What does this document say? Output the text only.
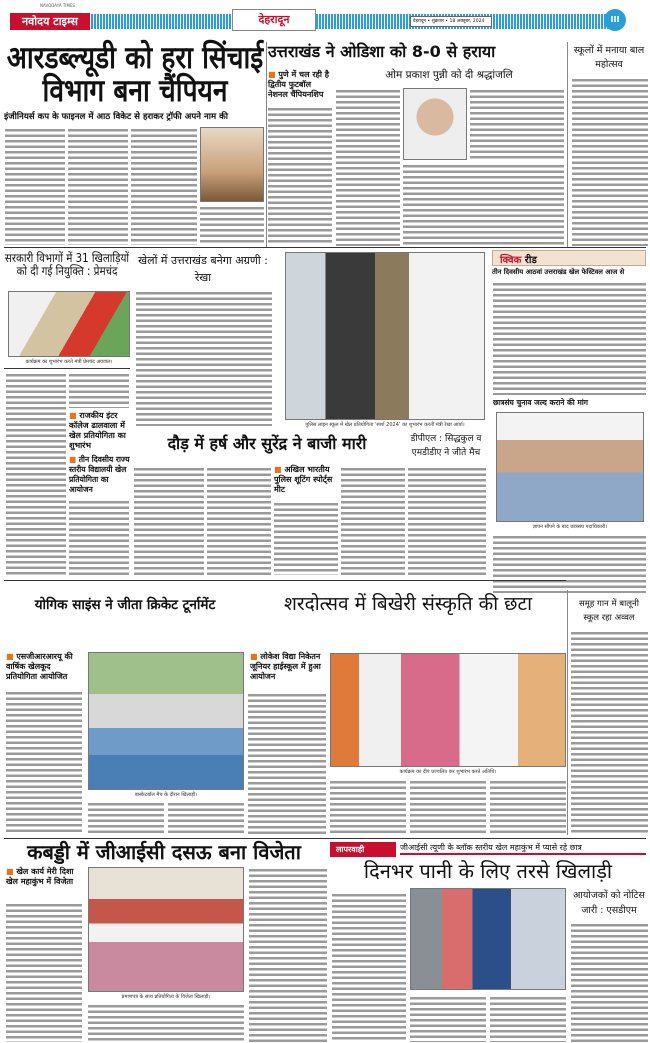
NAVODAYA TIMES
नवोदय टाइम्स	देहरादून	देहरादून • शुक्रवार • 18 अक्तूबर, 2024	III
आरडब्ल्यूडी को हरा सिंचाई विभाग बना चैंपियन
इंजीनियर्स कप के फाइनल में आठ विकेट से हराकर ट्रॉफी अपने नाम की
उत्तराखंड ने ओडिशा को 8-0 से हराया
■ पुणे में चल रही है द्वितीय फुटबॉल नेशनल चैंपियनशिप
ओम प्रकाश पुन्नी को दी श्रद्धांजलि
स्कूलों में मनाया बाल महोत्सव
सरकारी विभागों में 31 खिलाड़ियों को दी गई नियुक्ति : प्रेमचंद
कार्यक्रम का शुभारंभ करते मंत्री प्रेमचंद अग्रवाल।
■ राजकीय इंटर कॉलेज ढालवाला में खेल प्रतियोगिता का शुभारंभ
■ तीन दिवसीय राज्य स्तरीय विद्यालयी खेल प्रतियोगिता का आयोजन
खेलों में उत्तराखंड बनेगा अग्रणी : रेखा
पुलिस लाइन स्कूल में खेल प्रतियोगिता ‘स्पर्श 2024’ का शुभारंभ करतीं मंत्री रेखा आर्या।
क्विक रीड
तीन दिवसीय आठवां उत्तराखंड खेल फेस्टिवल आज से
छात्रसंघ चुनाव जल्द कराने की मांग
ज्ञापन सौंपने के बाद छात्रसंघ पदाधिकारी।
दौड़ में हर्ष और सुरेंद्र ने बाजी मारी	डीपीएल : सिद्धकुल व एमडीडीए ने जीते मैच
■ अखिल भारतीय पुलिस शूटिंग स्पोर्ट्स मीट
योगिक साइंस ने जीता क्रिकेट टूर्नामेंट	शरदोत्सव में बिखेरी संस्कृति की छटा	समूह गान में बालूनी स्कूल रहा अव्वल
■ एसजीआरआरयू की वार्षिक खेलकूद प्रतियोगिता आयोजित
बास्केटबॉल मैच के दौरान खिलाड़ी।
■ लोकेश विद्या निकेतन जूनियर हाईस्कूल में हुआ आयोजन
कार्यक्रम का दीप प्रज्वलित कर शुभारंभ करते अतिथि।
कबड्डी में जीआईसी दसऊ बना विजेता
■ खेल कार्य मेरी दिशा खेल महाकुंभ में विजेता
प्रमाणपत्र के साथ प्रतियोगिता के विजेता खिलाड़ी।
लापरवाही	जीआईसी त्यूणी के ब्लॉक स्तरीय खेल महाकुंभ में प्यासे रहे छात्र
दिनभर पानी के लिए तरसे खिलाड़ी
आयोजकों को नोटिस जारी : एसडीएम
